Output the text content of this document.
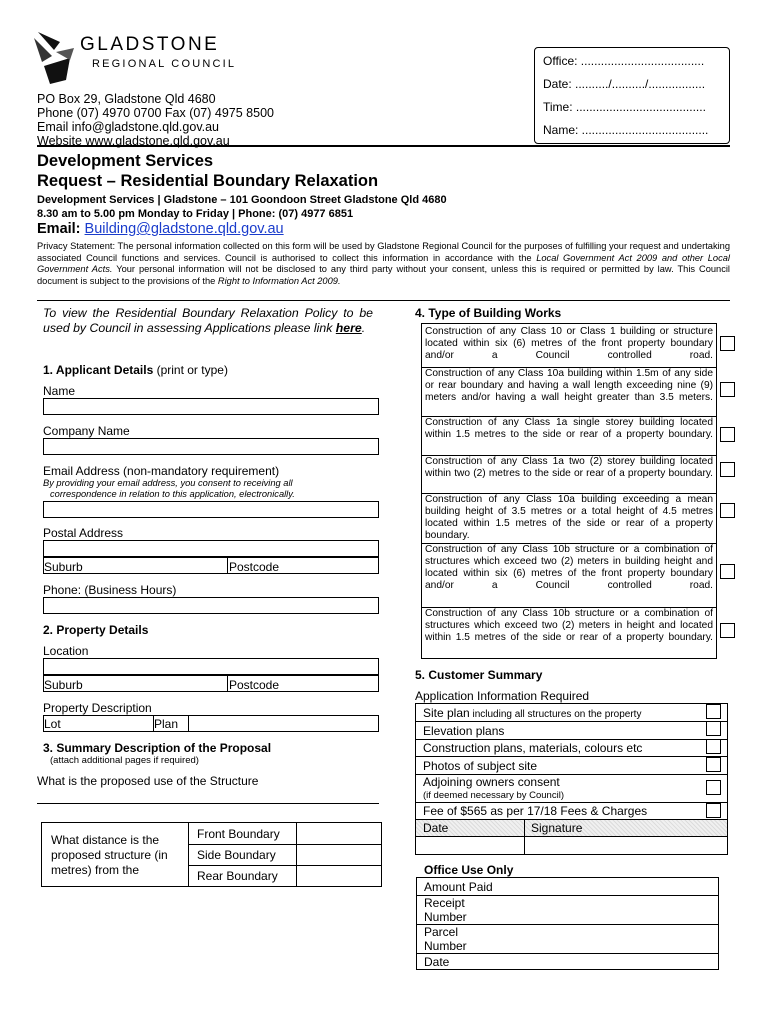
GLADSTONE
REGIONAL COUNCIL
PO Box 29, Gladstone Qld 4680
Phone (07) 4970 0700 Fax (07) 4975 8500
Email info@gladstone.qld.gov.au
Website www.gladstone.qld.gov.au
Office: .....................................
Date: ........../........../.................
Time: .......................................
Name: ......................................
Development Services
Request – Residential Boundary Relaxation
Development Services | Gladstone – 101 Goondoon Street Gladstone Qld 4680
8.30 am to 5.00 pm Monday to Friday | Phone: (07) 4977 6851
Email: Building@gladstone.qld.gov.au
Privacy Statement: The personal information collected on this form will be used by Gladstone Regional Council for the purposes of fulfilling your request and undertaking associated Council functions and services. Council is authorised to collect this information in accordance with the Local Government Act 2009 and other Local Government Acts. Your personal information will not be disclosed to any third party without your consent, unless this is required or permitted by law. This Council document is subject to the provisions of the Right to Information Act 2009.
To view the Residential Boundary Relaxation Policy to be used by Council in assessing Applications please link here.
1. Applicant Details (print or type)
Name
Company Name
Email Address (non-mandatory requirement)
By providing your email address, you consent to receiving all
correspondence in relation to this application, electronically.
Postal Address
Suburb	Postcode
Phone: (Business Hours)
2. Property Details
Location
Suburb	Postcode
Property Description
Lot	Plan
3. Summary Description of the Proposal
(attach additional pages if required)
What is the proposed use of the Structure
What distance is the proposed structure (in metres) from the
Front Boundary
Side Boundary
Rear Boundary
4. Type of Building Works
Construction of any Class 10 or Class 1 building or structure located within six (6) metres of the front property boundary and/or a Council controlled road.
Construction of any Class 10a building within 1.5m of any side or rear boundary and having a wall length exceeding nine (9) meters and/or having a wall height greater than 3.5 meters.
Construction of any Class 1a single storey building located within 1.5 metres to the side or rear of a property boundary.
Construction of any Class 1a two (2) storey building located within two (2) metres to the side or rear of a property boundary.
Construction of any Class 10a building exceeding a mean building height of 3.5 metres or a total height of 4.5 metres located within 1.5 metres of the side or rear of a property boundary.
Construction of any Class 10b structure or a combination of structures which exceed two (2) meters in building height and located within six (6) metres of the front property boundary and/or a Council controlled road.
Construction of any Class 10b structure or a combination of structures which exceed two (2) meters in height and located within 1.5 metres of the side or rear of a property boundary.
5. Customer Summary
Application Information Required
Site plan including all structures on the property
Elevation plans
Construction plans, materials, colours etc
Photos of subject site
Adjoining owners consent
(if deemed necessary by Council)
Fee of $565 as per 17/18 Fees & Charges
Date	Signature
Office Use Only
Amount Paid
Receipt Number
Parcel Number
Date
